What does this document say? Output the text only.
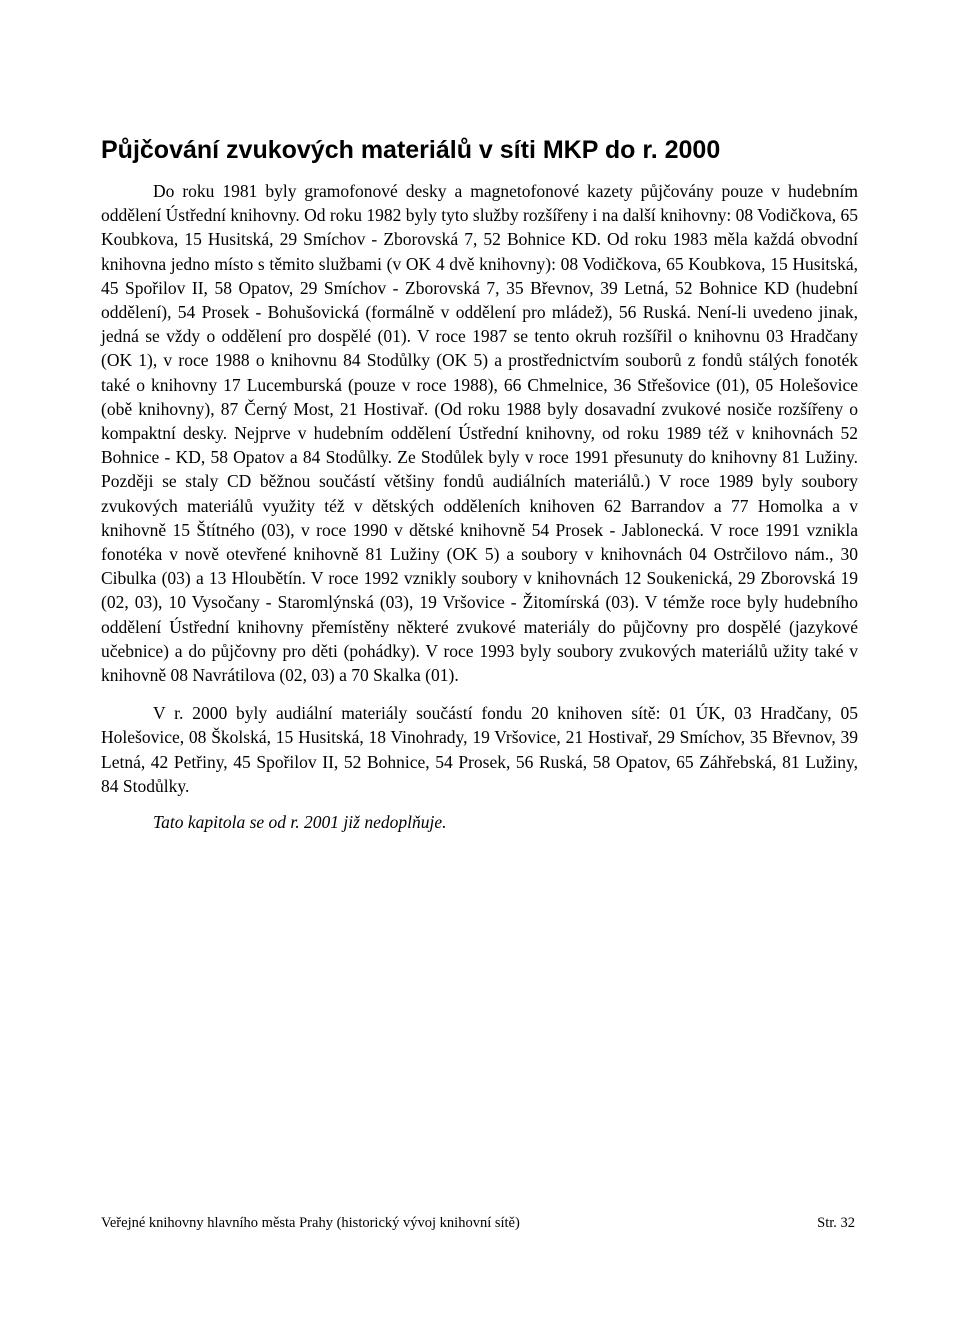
Půjčování zvukových materiálů v síti MKP do r. 2000

Do roku 1981 byly gramofonové desky a magnetofonové kazety půjčovány pouze v hudebním oddělení Ústřední knihovny. Od roku 1982 byly tyto služby rozšířeny i na další knihovny: 08 Vodičkova, 65 Koubkova, 15 Husitská, 29 Smíchov - Zborovská 7, 52 Bohnice KD. Od roku 1983 měla každá obvodní knihovna jedno místo s těmito službami (v OK 4 dvě knihovny): 08 Vodičkova, 65 Koubkova, 15 Husitská, 45 Spořilov II, 58 Opatov, 29 Smíchov - Zborovská 7, 35 Břevnov, 39 Letná, 52 Bohnice KD (hudební oddělení), 54 Prosek - Bohušovická (formálně v oddělení pro mládež), 56 Ruská. Není-li uvedeno jinak, jedná se vždy o oddělení pro dospělé (01). V roce 1987 se tento okruh rozšířil o knihovnu 03 Hradčany (OK 1), v roce 1988 o knihovnu 84 Stodůlky (OK 5) a prostřednictvím souborů z fondů stálých fonoték také o knihovny 17 Lucemburská (pouze v roce 1988), 66 Chmelnice, 36 Střešovice (01), 05 Holešovice (obě knihovny), 87 Černý Most, 21 Hostivař. (Od roku 1988 byly dosavadní zvukové nosiče rozšířeny o kompaktní desky. Nejprve v hudebním oddělení Ústřední knihovny, od roku 1989 též v knihovnách 52 Bohnice - KD, 58 Opatov a 84 Stodůlky. Ze Stodůlek byly v roce 1991 přesunuty do knihovny 81 Lužiny. Později se staly CD běžnou součástí většiny fondů audiálních materiálů.) V roce 1989 byly soubory zvukových materiálů využity též v dětských odděleních knihoven 62 Barrandov a 77 Homolka a v knihovně 15 Štítného (03), v roce 1990 v dětské knihovně 54 Prosek - Jablonecká. V roce 1991 vznikla fonotéka v nově otevřené knihovně 81 Lužiny (OK 5) a soubory v knihovnách 04 Ostrčilovo nám., 30 Cibulka (03) a 13 Hloubětín. V roce 1992 vznikly soubory v knihovnách 12 Soukenická, 29 Zborovská 19 (02, 03), 10 Vysočany - Staromlýnská (03), 19 Vršovice - Žitomírská (03). V témže roce byly hudebního oddělení Ústřední knihovny přemístěny některé zvukové materiály do půjčovny pro dospělé (jazykové učebnice) a do půjčovny pro děti (pohádky). V roce 1993 byly soubory zvukových materiálů užity také v knihovně 08 Navrátilova (02, 03) a 70 Skalka (01).

V r. 2000 byly audiální materiály součástí fondu 20 knihoven sítě: 01 ÚK, 03 Hradčany, 05 Holešovice, 08 Školská, 15 Husitská, 18 Vinohrady, 19 Vršovice, 21 Hostivař, 29 Smíchov, 35 Břevnov, 39 Letná, 42 Petřiny, 45 Spořilov II, 52 Bohnice, 54 Prosek, 56 Ruská, 58 Opatov, 65 Záhřebská, 81 Lužiny, 84 Stodůlky.

Tato kapitola se od r. 2001 již nedoplňuje.

Veřejné knihovny hlavního města Prahy (historický vývoj knihovní sítě)	Str. 32
